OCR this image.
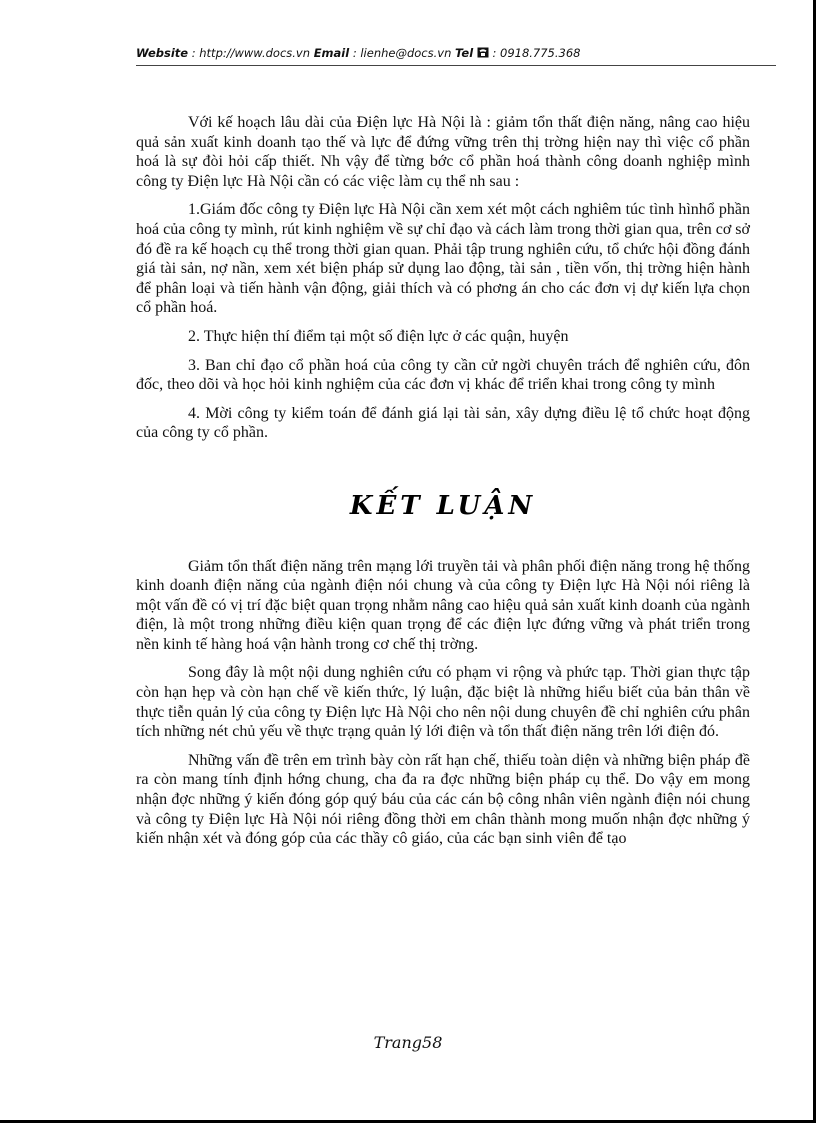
Website : http://www.docs.vn Email : lienhe@docs.vn Tel : 0918.775.368

Với kế hoạch lâu dài của Điện lực Hà Nội là : giảm tổn thất điện năng, nâng cao hiệu quả sản xuất kinh doanh tạo thế và lực để đứng vững trên thị trờng hiện nay thì việc cổ phần hoá là sự đòi hỏi cấp thiết. Nh vậy để từng bớc cổ phần hoá thành công doanh nghiệp mình công ty Điện lực Hà Nội cần có các việc làm cụ thể nh sau :

1.Giám đốc công ty Điện lực Hà Nội cần xem xét một cách nghiêm túc tình hìnhổ phần hoá của công ty mình, rút kinh nghiệm về sự chỉ đạo và cách làm trong thời gian qua, trên cơ sở đó đề ra kế hoạch cụ thể trong thời gian quan. Phải tập trung nghiên cứu, tổ chức hội đồng đánh giá tài sản, nợ nần, xem xét biện pháp sử dụng lao động, tài sản , tiền vốn, thị trờng hiện hành để phân loại và tiến hành vận động, giải thích và có phơng án cho các đơn vị dự kiến lựa chọn cổ phần hoá.

2. Thực hiện thí điểm tại một số điện lực ở các quận, huyện

3. Ban chỉ đạo cổ phần hoá của công ty cần cử ngời chuyên trách để nghiên cứu, đôn đốc, theo dõi và học hỏi kinh nghiệm của các đơn vị khác để triển khai trong công ty mình

4. Mời công ty kiểm toán để đánh giá lại tài sản, xây dựng điều lệ tổ chức hoạt động của công ty cổ phần.

KẾT LUẬN

Giảm tổn thất điện năng trên mạng lới truyền tải và phân phối điện năng trong hệ thống kinh doanh điện năng của ngành điện nói chung và của công ty Điện lực Hà Nội nói riêng là một vấn đề có vị trí đặc biệt quan trọng nhằm nâng cao hiệu quả sản xuất kinh doanh của ngành điện, là một trong những điều kiện quan trọng để các điện lực đứng vững và phát triển trong nền kinh tế hàng hoá vận hành trong cơ chế thị trờng.

Song đây là một nội dung nghiên cứu có phạm vi rộng và phức tạp. Thời gian thực tập còn hạn hẹp và còn hạn chế về kiến thức, lý luận, đặc biệt là những hiểu biết của bản thân về thực tiễn quản lý của công ty Điện lực Hà Nội cho nên nội dung chuyên đề chỉ nghiên cứu phân tích những nét chủ yếu về thực trạng quản lý lới điện và tổn thất điện năng trên lới điện đó.

Những vấn đề trên em trình bày còn rất hạn chế, thiếu toàn diện và những biện pháp đề ra còn mang tính định hớng chung, cha đa ra đợc những biện pháp cụ thể. Do vậy em mong nhận đợc những ý kiến đóng góp quý báu của các cán bộ công nhân viên ngành điện nói chung và công ty Điện lực Hà Nội nói riêng đồng thời em chân thành mong muốn nhận đợc những ý kiến nhận xét và đóng góp của các thầy cô giáo, của các bạn sinh viên để tạo

Trang58
